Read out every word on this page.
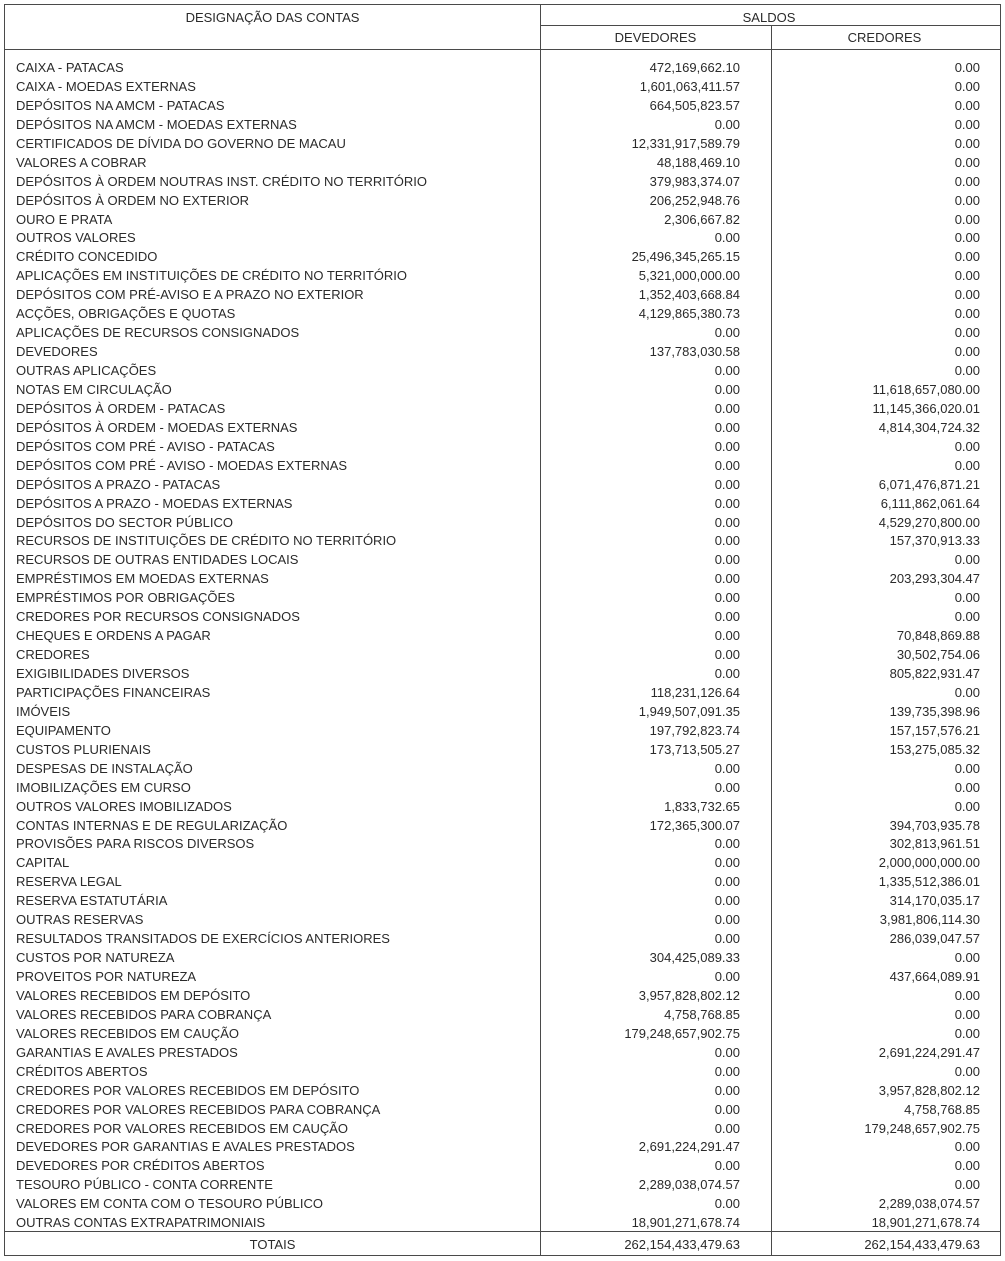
DESIGNAÇÃO DAS CONTAS	SALDOS
DEVEDORES	CREDORES
CAIXA - PATACAS	472,169,662.10	0.00
CAIXA - MOEDAS EXTERNAS	1,601,063,411.57	0.00
DEPÓSITOS NA AMCM - PATACAS	664,505,823.57	0.00
DEPÓSITOS NA AMCM - MOEDAS EXTERNAS	0.00	0.00
CERTIFICADOS DE DÍVIDA DO GOVERNO DE MACAU	12,331,917,589.79	0.00
VALORES A COBRAR	48,188,469.10	0.00
DEPÓSITOS À ORDEM NOUTRAS INST. CRÉDITO NO TERRITÓRIO	379,983,374.07	0.00
DEPÓSITOS À ORDEM NO EXTERIOR	206,252,948.76	0.00
OURO E PRATA	2,306,667.82	0.00
OUTROS VALORES	0.00	0.00
CRÉDITO CONCEDIDO	25,496,345,265.15	0.00
APLICAÇÕES EM INSTITUIÇÕES DE CRÉDITO NO TERRITÓRIO	5,321,000,000.00	0.00
DEPÓSITOS COM PRÉ-AVISO E A PRAZO NO EXTERIOR	1,352,403,668.84	0.00
ACÇÕES, OBRIGAÇÕES E QUOTAS	4,129,865,380.73	0.00
APLICAÇÕES DE RECURSOS CONSIGNADOS	0.00	0.00
DEVEDORES	137,783,030.58	0.00
OUTRAS APLICAÇÕES	0.00	0.00
NOTAS EM CIRCULAÇÃO	0.00	11,618,657,080.00
DEPÓSITOS À ORDEM - PATACAS	0.00	11,145,366,020.01
DEPÓSITOS À ORDEM - MOEDAS EXTERNAS	0.00	4,814,304,724.32
DEPÓSITOS COM PRÉ - AVISO - PATACAS	0.00	0.00
DEPÓSITOS COM PRÉ - AVISO - MOEDAS EXTERNAS	0.00	0.00
DEPÓSITOS A PRAZO - PATACAS	0.00	6,071,476,871.21
DEPÓSITOS A PRAZO - MOEDAS EXTERNAS	0.00	6,111,862,061.64
DEPÓSITOS DO SECTOR PÚBLICO	0.00	4,529,270,800.00
RECURSOS DE INSTITUIÇÕES DE CRÉDITO NO TERRITÓRIO	0.00	157,370,913.33
RECURSOS DE OUTRAS ENTIDADES LOCAIS	0.00	0.00
EMPRÉSTIMOS EM MOEDAS EXTERNAS	0.00	203,293,304.47
EMPRÉSTIMOS POR OBRIGAÇÕES	0.00	0.00
CREDORES POR RECURSOS CONSIGNADOS	0.00	0.00
CHEQUES E ORDENS A PAGAR	0.00	70,848,869.88
CREDORES	0.00	30,502,754.06
EXIGIBILIDADES DIVERSOS	0.00	805,822,931.47
PARTICIPAÇÕES FINANCEIRAS	118,231,126.64	0.00
IMÓVEIS	1,949,507,091.35	139,735,398.96
EQUIPAMENTO	197,792,823.74	157,157,576.21
CUSTOS PLURIENAIS	173,713,505.27	153,275,085.32
DESPESAS DE INSTALAÇÃO	0.00	0.00
IMOBILIZAÇÕES EM CURSO	0.00	0.00
OUTROS VALORES IMOBILIZADOS	1,833,732.65	0.00
CONTAS INTERNAS E DE REGULARIZAÇÃO	172,365,300.07	394,703,935.78
PROVISÕES PARA RISCOS DIVERSOS	0.00	302,813,961.51
CAPITAL	0.00	2,000,000,000.00
RESERVA LEGAL	0.00	1,335,512,386.01
RESERVA ESTATUTÁRIA	0.00	314,170,035.17
OUTRAS RESERVAS	0.00	3,981,806,114.30
RESULTADOS TRANSITADOS DE EXERCÍCIOS ANTERIORES	0.00	286,039,047.57
CUSTOS POR NATUREZA	304,425,089.33	0.00
PROVEITOS POR NATUREZA	0.00	437,664,089.91
VALORES RECEBIDOS EM DEPÓSITO	3,957,828,802.12	0.00
VALORES RECEBIDOS PARA COBRANÇA	4,758,768.85	0.00
VALORES RECEBIDOS EM CAUÇÃO	179,248,657,902.75	0.00
GARANTIAS E AVALES PRESTADOS	0.00	2,691,224,291.47
CRÉDITOS ABERTOS	0.00	0.00
CREDORES POR VALORES RECEBIDOS EM DEPÓSITO	0.00	3,957,828,802.12
CREDORES POR VALORES RECEBIDOS PARA COBRANÇA	0.00	4,758,768.85
CREDORES POR VALORES RECEBIDOS EM CAUÇÃO	0.00	179,248,657,902.75
DEVEDORES POR GARANTIAS E AVALES PRESTADOS	2,691,224,291.47	0.00
DEVEDORES POR CRÉDITOS ABERTOS	0.00	0.00
TESOURO PÚBLICO - CONTA CORRENTE	2,289,038,074.57	0.00
VALORES EM CONTA COM O TESOURO PÚBLICO	0.00	2,289,038,074.57
OUTRAS CONTAS EXTRAPATRIMONIAIS	18,901,271,678.74	18,901,271,678.74
TOTAIS	262,154,433,479.63	262,154,433,479.63
